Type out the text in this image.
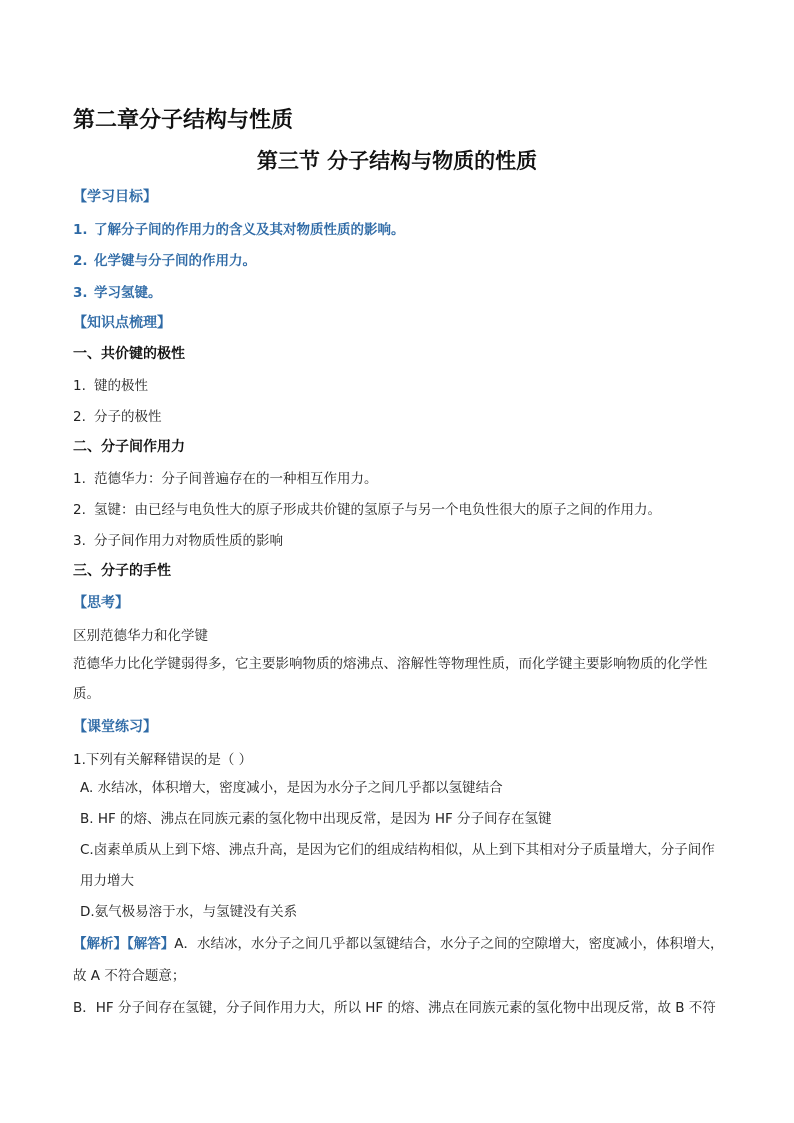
第二章分子结构与性质
第三节 分子结构与物质的性质
【学习目标】
1. 了解分子间的作用力的含义及其对物质性质的影响。
2. 化学键与分子间的作用力。
3. 学习氢键。
【知识点梳理】
一、共价键的极性
1. 键的极性
2. 分子的极性
二、分子间作用力
1. 范德华力：分子间普遍存在的一种相互作用力。
2. 氢键：由已经与电负性大的原子形成共价键的氢原子与另一个电负性很大的原子之间的作用力。
3. 分子间作用力对物质性质的影响
三、分子的手性
【思考】
区别范德华力和化学键
范德华力比化学键弱得多，它主要影响物质的熔沸点、溶解性等物理性质，而化学键主要影响物质的化学性质。
【课堂练习】
1.下列有关解释错误的是（ ）
A. 水结冰，体积增大，密度减小，是因为水分子之间几乎都以氢键结合
B. HF 的熔、沸点在同族元素的氢化物中出现反常，是因为 HF 分子间存在氢键
C.卤素单质从上到下熔、沸点升高，是因为它们的组成结构相似，从上到下其相对分子质量增大，分子间作用力增大
D.氨气极易溶于水，与氢键没有关系
【解析】【解答】A．水结冰，水分子之间几乎都以氢键结合，水分子之间的空隙增大，密度减小，体积增大，故 A 不符合题意；
B．HF 分子间存在氢键，分子间作用力大，所以 HF 的熔、沸点在同族元素的氢化物中出现反常，故 B 不符
